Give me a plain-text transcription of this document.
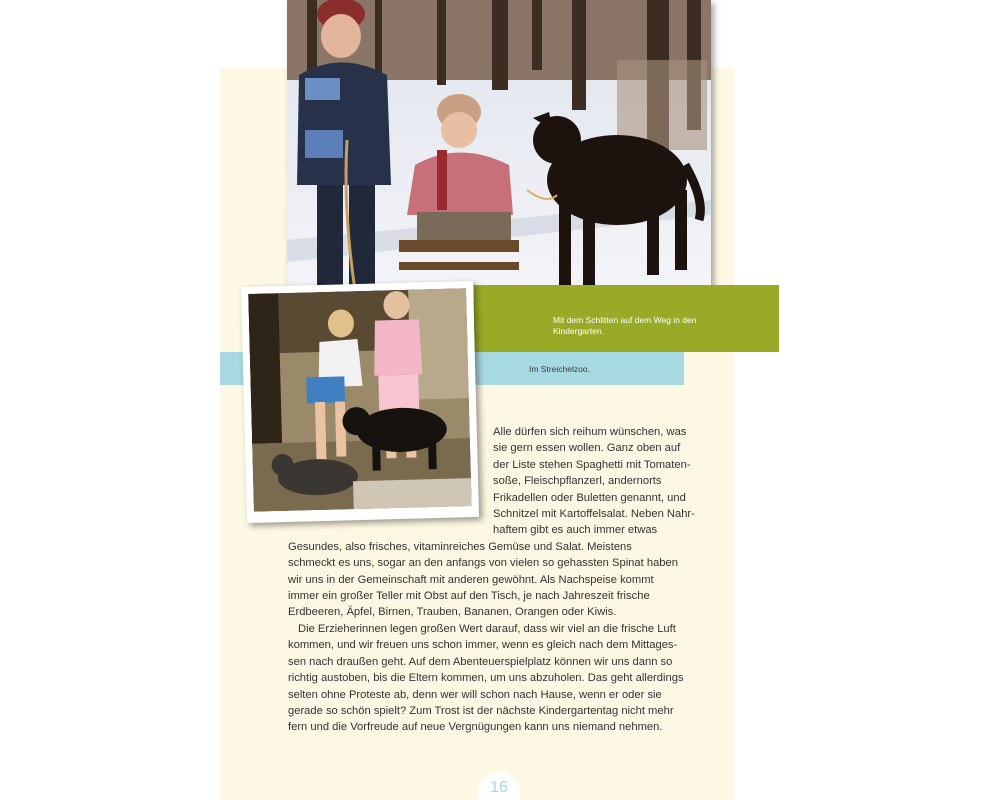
Mit dem Schlitten auf dem Weg in den Kindergarten.
Im Streichelzoo.

Alle dürfen sich reihum wünschen, was
sie gern essen wollen. Ganz oben auf
der Liste stehen Spaghetti mit Tomaten-
soße, Fleischpflanzerl, andernorts
Frikadellen oder Buletten genannt, und
Schnitzel mit Kartoffelsalat. Neben Nahr-
haftem gibt es auch immer etwas
Gesundes, also frisches, vitaminreiches Gemüse und Salat. Meistens
schmeckt es uns, sogar an den anfangs von vielen so gehassten Spinat haben
wir uns in der Gemeinschaft mit anderen gewöhnt. Als Nachspeise kommt
immer ein großer Teller mit Obst auf den Tisch, je nach Jahreszeit frische
Erdbeeren, Äpfel, Birnen, Trauben, Bananen, Orangen oder Kiwis.

Die Erzieherinnen legen großen Wert darauf, dass wir viel an die frische Luft
kommen, und wir freuen uns schon immer, wenn es gleich nach dem Mittages-
sen nach draußen geht. Auf dem Abenteuerspielplatz können wir uns dann so
richtig austoben, bis die Eltern kommen, um uns abzuholen. Das geht allerdings
selten ohne Proteste ab, denn wer will schon nach Hause, wenn er oder sie
gerade so schön spielt? Zum Trost ist der nächste Kindergartentag nicht mehr
fern und die Vorfreude auf neue Vergnügungen kann uns niemand nehmen.

16
